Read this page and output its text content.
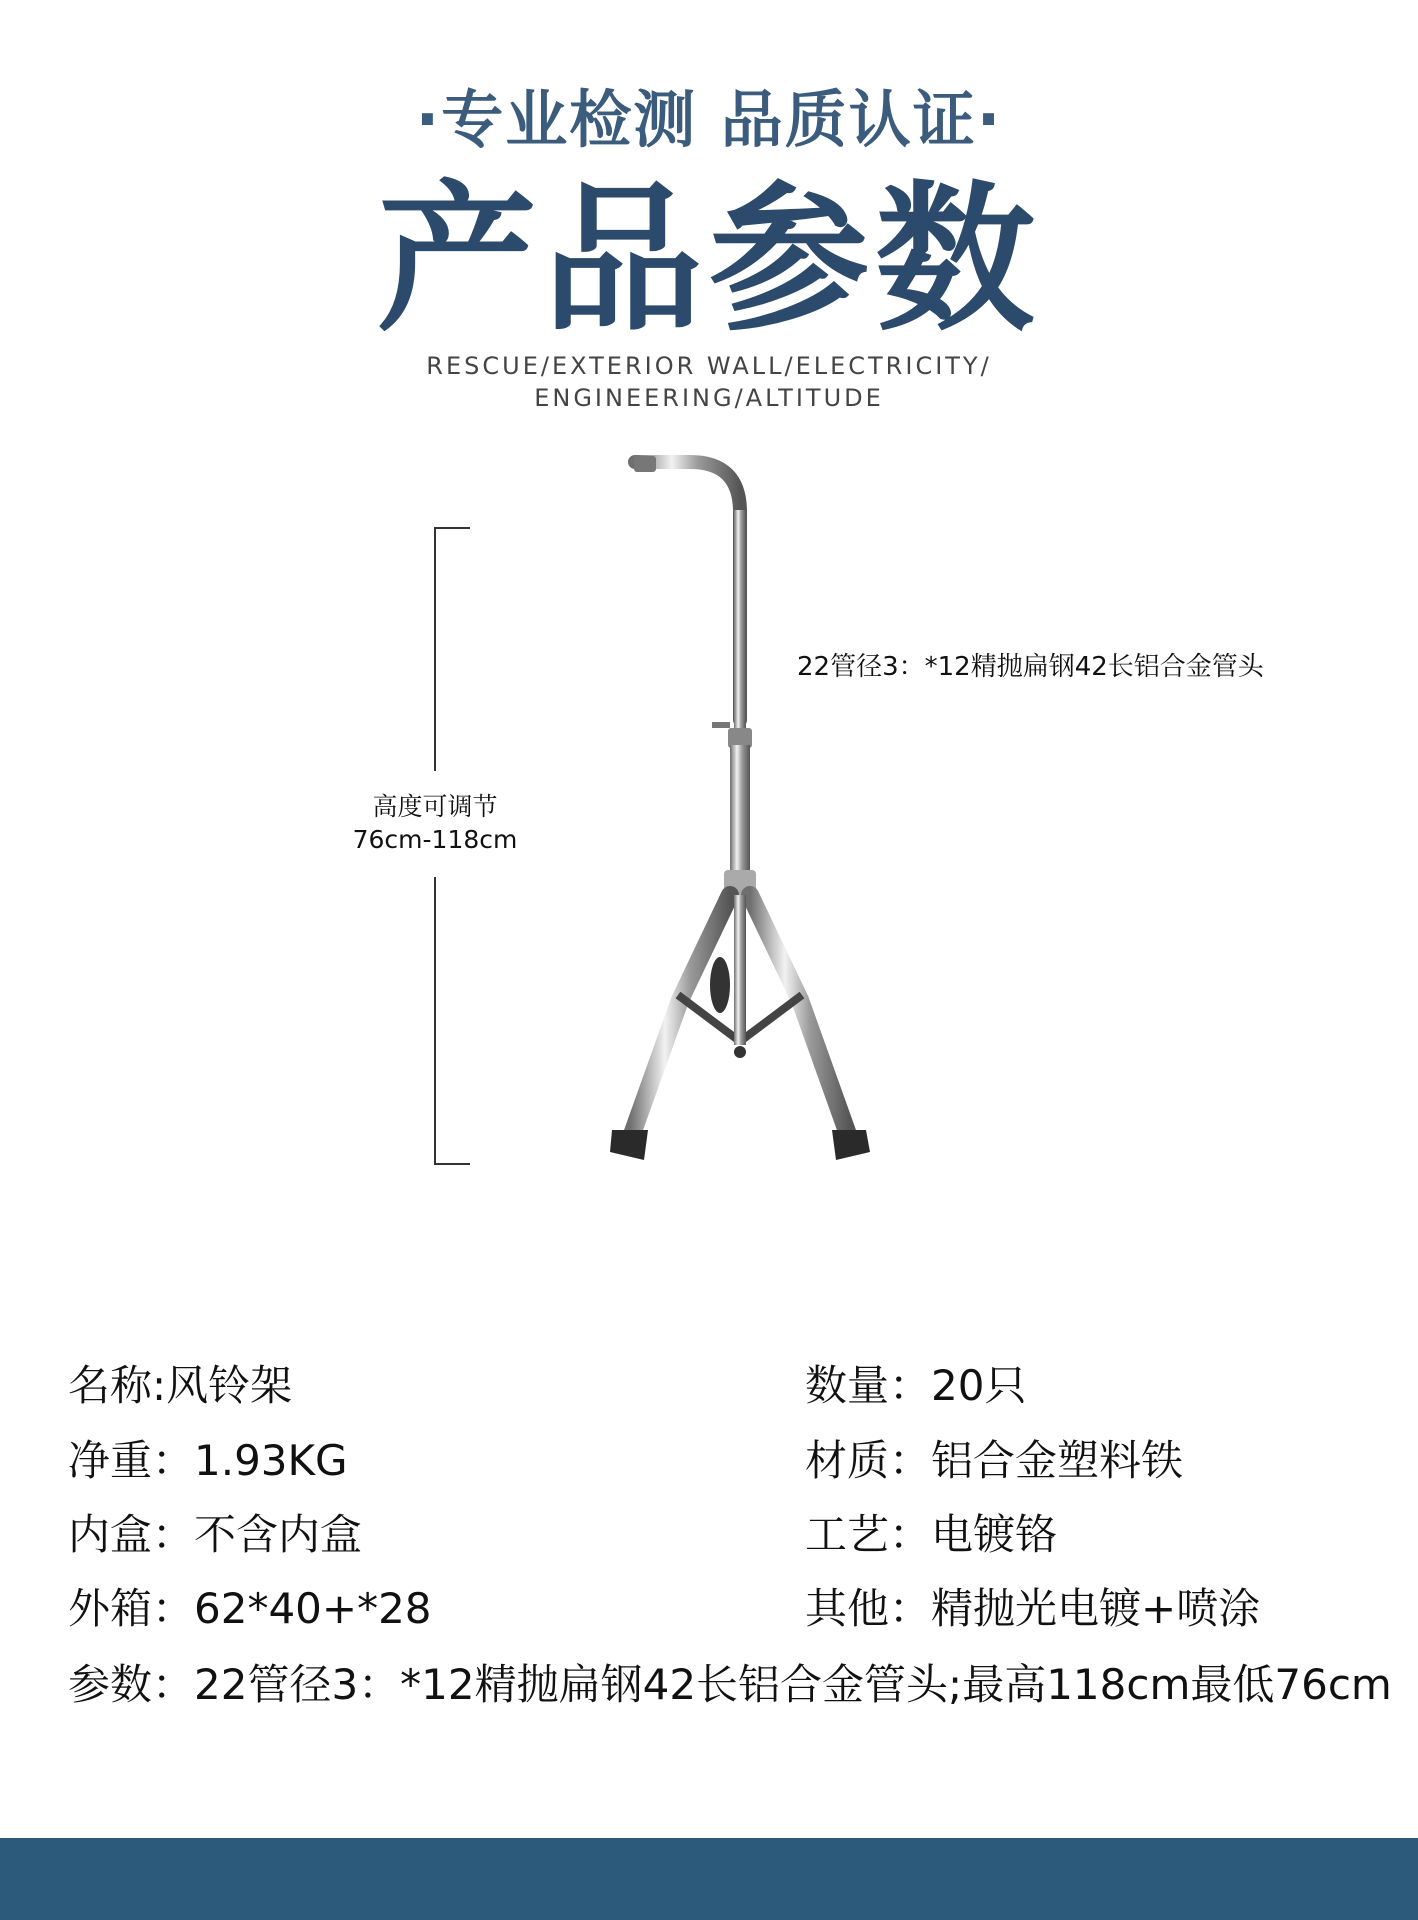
·专业检测 品质认证·
产品参数
RESCUE/EXTERIOR WALL/ELECTRICITY/
ENGINEERING/ALTITUDE
高度可调节
76cm-118cm
22管径3：*12精抛扁钢42长铝合金管头
名称:风铃架
净重：1.93KG
内盒：不含内盒
外箱：62*40+*28
参数：22管径3：*12精抛扁钢42长铝合金管头;最高118cm最低76cm
数量：20只
材质：铝合金塑料铁
工艺：电镀铬
其他：精抛光电镀+喷涂
